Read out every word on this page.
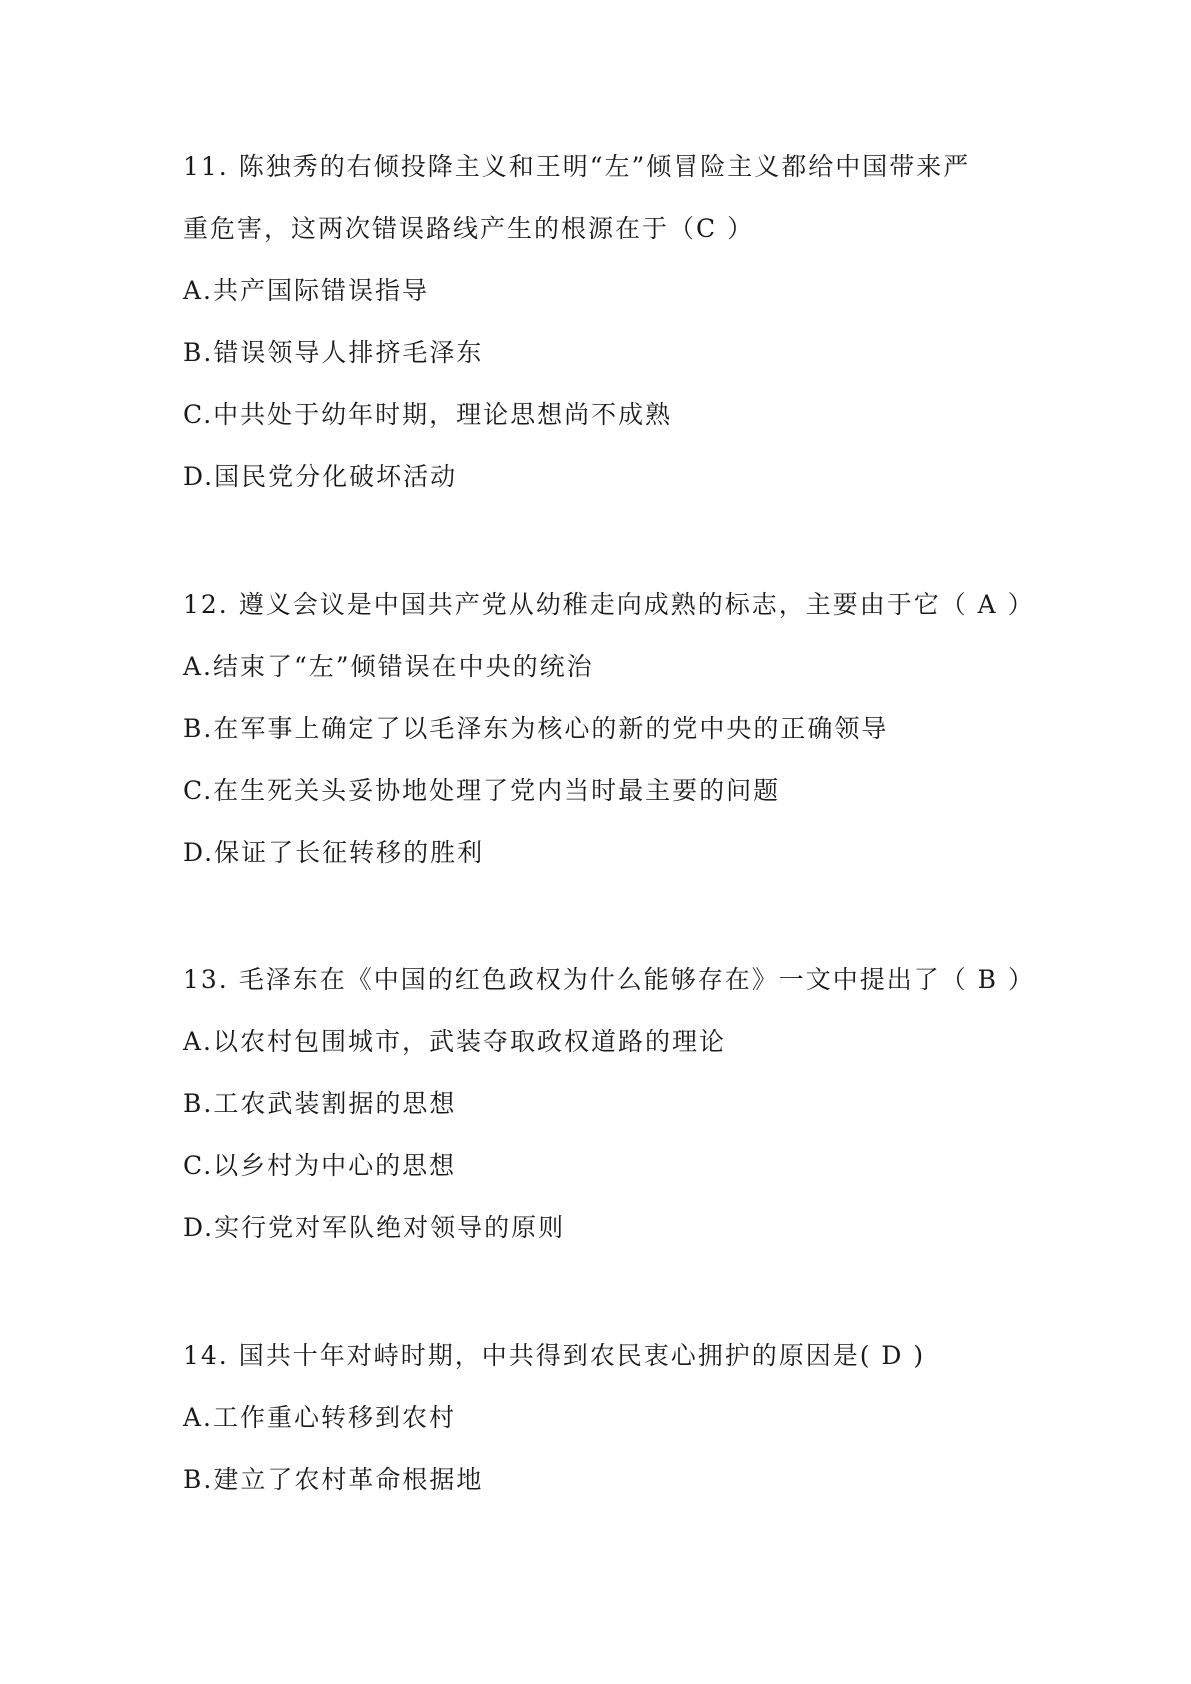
11. 陈独秀的右倾投降主义和王明“左”倾冒险主义都给中国带来严
重危害，这两次错误路线产生的根源在于（C ）
A.共产国际错误指导
B.错误领导人排挤毛泽东
C.中共处于幼年时期，理论思想尚不成熟
D.国民党分化破坏活动
12. 遵义会议是中国共产党从幼稚走向成熟的标志，主要由于它（ A ）
A.结束了“左”倾错误在中央的统治
B.在军事上确定了以毛泽东为核心的新的党中央的正确领导
C.在生死关头妥协地处理了党内当时最主要的问题
D.保证了长征转移的胜利
13. 毛泽东在《中国的红色政权为什么能够存在》一文中提出了（ B ）
A.以农村包围城市，武装夺取政权道路的理论
B.工农武装割据的思想
C.以乡村为中心的思想
D.实行党对军队绝对领导的原则
14. 国共十年对峙时期，中共得到农民衷心拥护的原因是( D )
A.工作重心转移到农村
B.建立了农村革命根据地
